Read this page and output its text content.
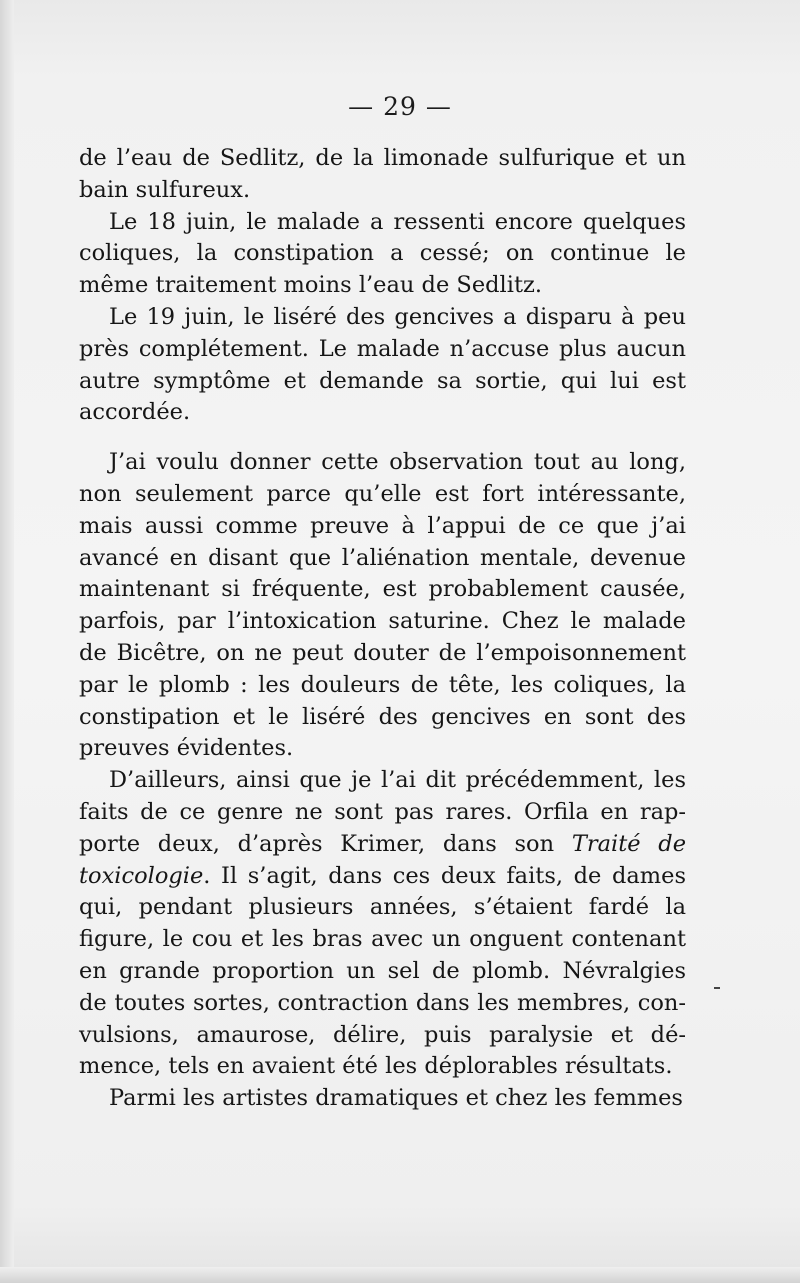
— 29 —
de l’eau de Sedlitz, de la limonade sulfurique et un
bain sulfureux.
Le 18 juin, le malade a ressenti encore quelques
coliques, la constipation a cessé; on continue le
même traitement moins l’eau de Sedlitz.
Le 19 juin, le liséré des gencives a disparu à peu
près complétement. Le malade n’accuse plus aucun
autre symptôme et demande sa sortie, qui lui est
accordée.
J’ai voulu donner cette observation tout au long,
non seulement parce qu’elle est fort intéressante,
mais aussi comme preuve à l’appui de ce que j’ai
avancé en disant que l’aliénation mentale, devenue
maintenant si fréquente, est probablement causée,
parfois, par l’intoxication saturine. Chez le malade
de Bicêtre, on ne peut douter de l’empoisonnement
par le plomb : les douleurs de tête, les coliques, la
constipation et le liséré des gencives en sont des
preuves évidentes.
D’ailleurs, ainsi que je l’ai dit précédemment, les
faits de ce genre ne sont pas rares. Orfila en rap-
porte deux, d’après Krimer, dans son Traité de
toxicologie. Il s’agit, dans ces deux faits, de dames
qui, pendant plusieurs années, s’étaient fardé la
figure, le cou et les bras avec un onguent contenant
en grande proportion un sel de plomb. Névralgies
de toutes sortes, contraction dans les membres, con-
vulsions, amaurose, délire, puis paralysie et dé-
mence, tels en avaient été les déplorables résultats.
Parmi les artistes dramatiques et chez les femmes
